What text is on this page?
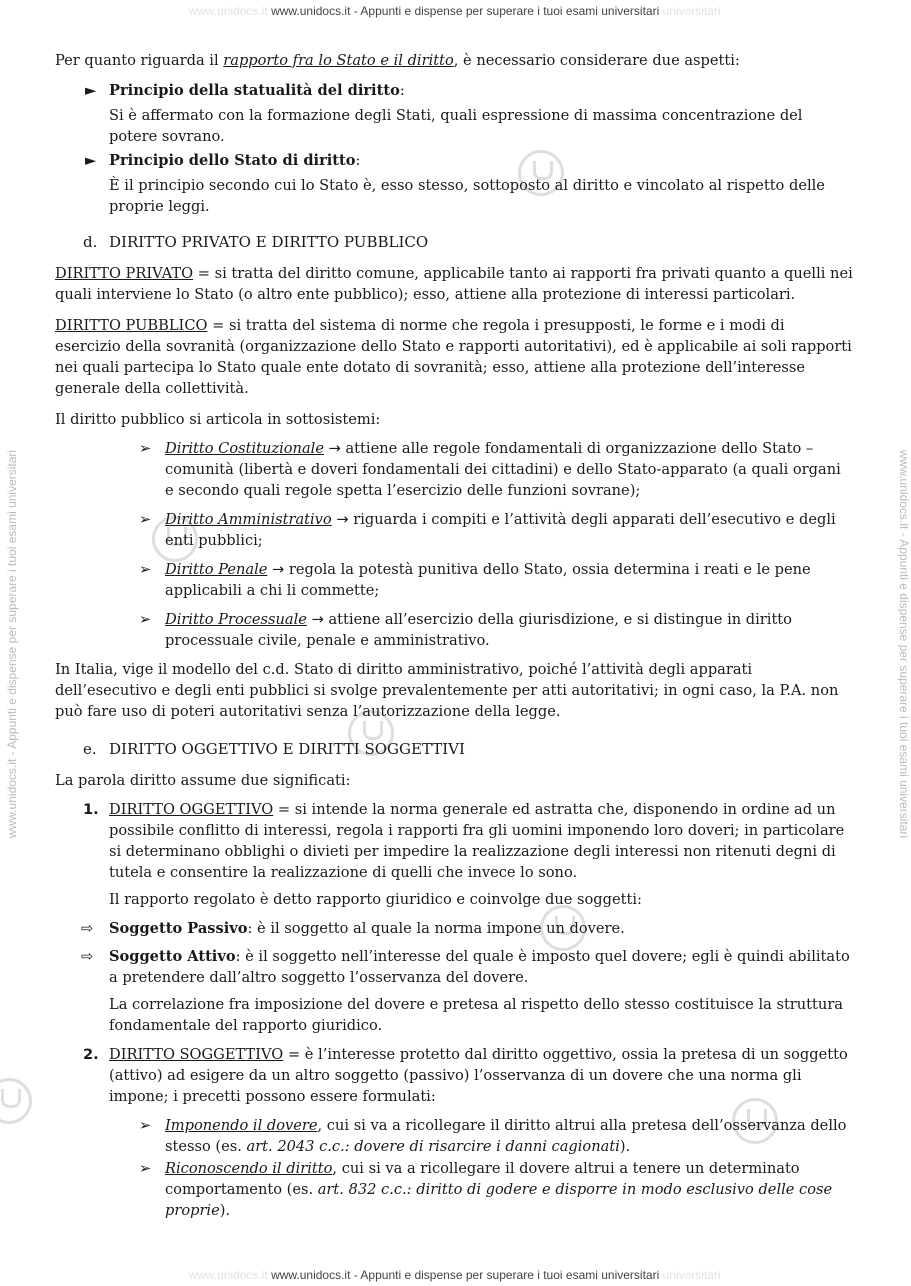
www.unidocs.it www.unidocs.it - Appunti e dispense per superare i tuoi esami universitari universitari
www.unidocs.it - Appunti e dispense per superare i tuoi esami universitari	www.unidocs.it - Appunti e dispense per superare i tuoi esami universitari

Per quanto riguarda il rapporto fra lo Stato e il diritto, è necessario considerare due aspetti:

► Principio della statualità del diritto:

Si è affermato con la formazione degli Stati, quali espressione di massima concentrazione del potere sovrano.

► Principio dello Stato di diritto:

È il principio secondo cui lo Stato è, esso stesso, sottoposto al diritto e vincolato al rispetto delle proprie leggi.

d. DIRITTO PRIVATO E DIRITTO PUBBLICO

DIRITTO PRIVATO = si tratta del diritto comune, applicabile tanto ai rapporti fra privati quanto a quelli nei quali interviene lo Stato (o altro ente pubblico); esso, attiene alla protezione di interessi particolari.

DIRITTO PUBBLICO = si tratta del sistema di norme che regola i presupposti, le forme e i modi di esercizio della sovranità (organizzazione dello Stato e rapporti autoritativi), ed è applicabile ai soli rapporti nei quali partecipa lo Stato quale ente dotato di sovranità; esso, attiene alla protezione dell’interesse generale della collettività.

Il diritto pubblico si articola in sottosistemi:

➢ Diritto Costituzionale → attiene alle regole fondamentali di organizzazione dello Stato – comunità (libertà e doveri fondamentali dei cittadini) e dello Stato-apparato (a quali organi e secondo quali regole spetta l’esercizio delle funzioni sovrane);

➢ Diritto Amministrativo → riguarda i compiti e l’attività degli apparati dell’esecutivo e degli enti pubblici;

➢ Diritto Penale → regola la potestà punitiva dello Stato, ossia determina i reati e le pene applicabili a chi li commette;

➢ Diritto Processuale → attiene all’esercizio della giurisdizione, e si distingue in diritto processuale civile, penale e amministrativo.

In Italia, vige il modello del c.d. Stato di diritto amministrativo, poiché l’attività degli apparati dell’esecutivo e degli enti pubblici si svolge prevalentemente per atti autoritativi; in ogni caso, la P.A. non può fare uso di poteri autoritativi senza l’autorizzazione della legge.

e. DIRITTO OGGETTIVO E DIRITTI SOGGETTIVI

La parola diritto assume due significati:

1. DIRITTO OGGETTIVO = si intende la norma generale ed astratta che, disponendo in ordine ad un possibile conflitto di interessi, regola i rapporti fra gli uomini imponendo loro doveri; in particolare si determinano obblighi o divieti per impedire la realizzazione degli interessi non ritenuti degni di tutela e consentire la realizzazione di quelli che invece lo sono.

Il rapporto regolato è detto rapporto giuridico e coinvolge due soggetti:

⇨ Soggetto Passivo: è il soggetto al quale la norma impone un dovere.

⇨ Soggetto Attivo: è il soggetto nell’interesse del quale è imposto quel dovere; egli è quindi abilitato a pretendere dall’altro soggetto l’osservanza del dovere.

La correlazione fra imposizione del dovere e pretesa al rispetto dello stesso costituisce la struttura fondamentale del rapporto giuridico.

2. DIRITTO SOGGETTIVO = è l’interesse protetto dal diritto oggettivo, ossia la pretesa di un soggetto (attivo) ad esigere da un altro soggetto (passivo) l’osservanza di un dovere che una norma gli impone; i precetti possono essere formulati:

➢ Imponendo il dovere, cui si va a ricollegare il diritto altrui alla pretesa dell’osservanza dello stesso (es. art. 2043 c.c.: dovere di risarcire i danni cagionati).

➢ Riconoscendo il diritto, cui si va a ricollegare il dovere altrui a tenere un determinato comportamento (es. art. 832 c.c.: diritto di godere e disporre in modo esclusivo delle cose proprie).

www.unidocs.it www.unidocs.it - Appunti e dispense per superare i tuoi esami universitari universitari
